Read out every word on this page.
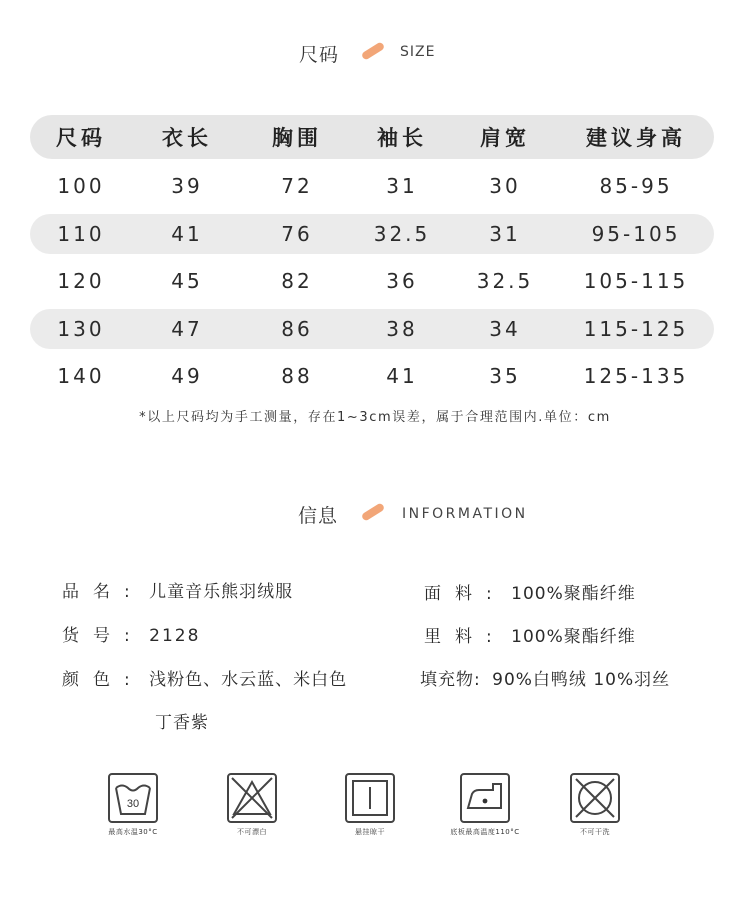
尺码	SIZE
尺码	衣长	胸围	袖长	肩宽	建议身高
100	39	72	31	30	85-95
110	41	76	32.5	31	95-105
120	45	82	36	32.5	105-115
130	47	86	38	34	115-125
140	49	88	41	35	125-135
*以上尺码均为手工测量，存在1~3cm误差，属于合理范围内.单位：cm
信息	INFORMATION
品名: 儿童音乐熊羽绒服
货号: 2128
颜色: 浅粉色、水云蓝、米白色
丁香紫
面料: 100%聚酯纤维
里料: 100%聚酯纤维
填充物: 90%白鸭绒 10%羽丝
30
最高水温30°C	不可漂白	悬挂晾干	底板最高温度110°C	不可干洗
